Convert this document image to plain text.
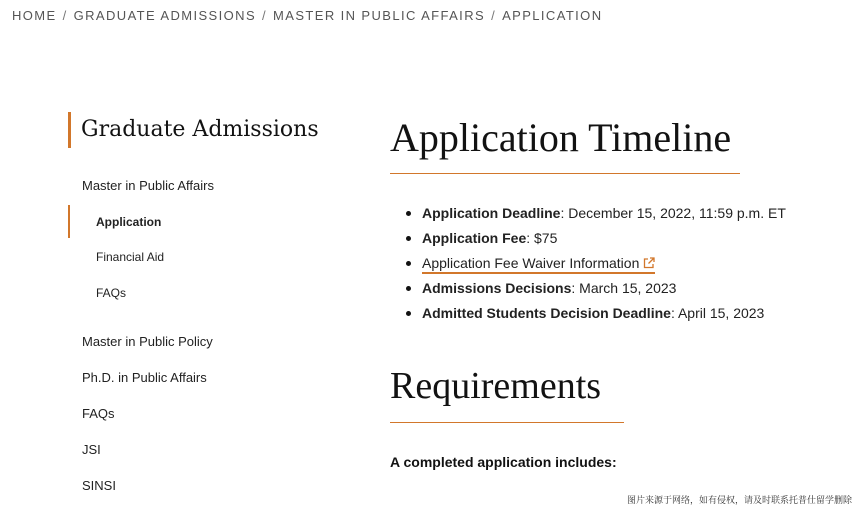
HOME / GRADUATE ADMISSIONS / MASTER IN PUBLIC AFFAIRS / APPLICATION
Graduate Admissions
Master in Public Affairs
Application
Financial Aid
FAQs
Master in Public Policy
Ph.D. in Public Affairs
FAQs
JSI
SINSI
Application Timeline
Application Deadline: December 15, 2022, 11:59 p.m. ET
Application Fee: $75
Application Fee Waiver Information
Admissions Decisions: March 15, 2023
Admitted Students Decision Deadline: April 15, 2023
Requirements
A completed application includes:
图片来源于网络，如有侵权，请及时联系托普仕留学删除
